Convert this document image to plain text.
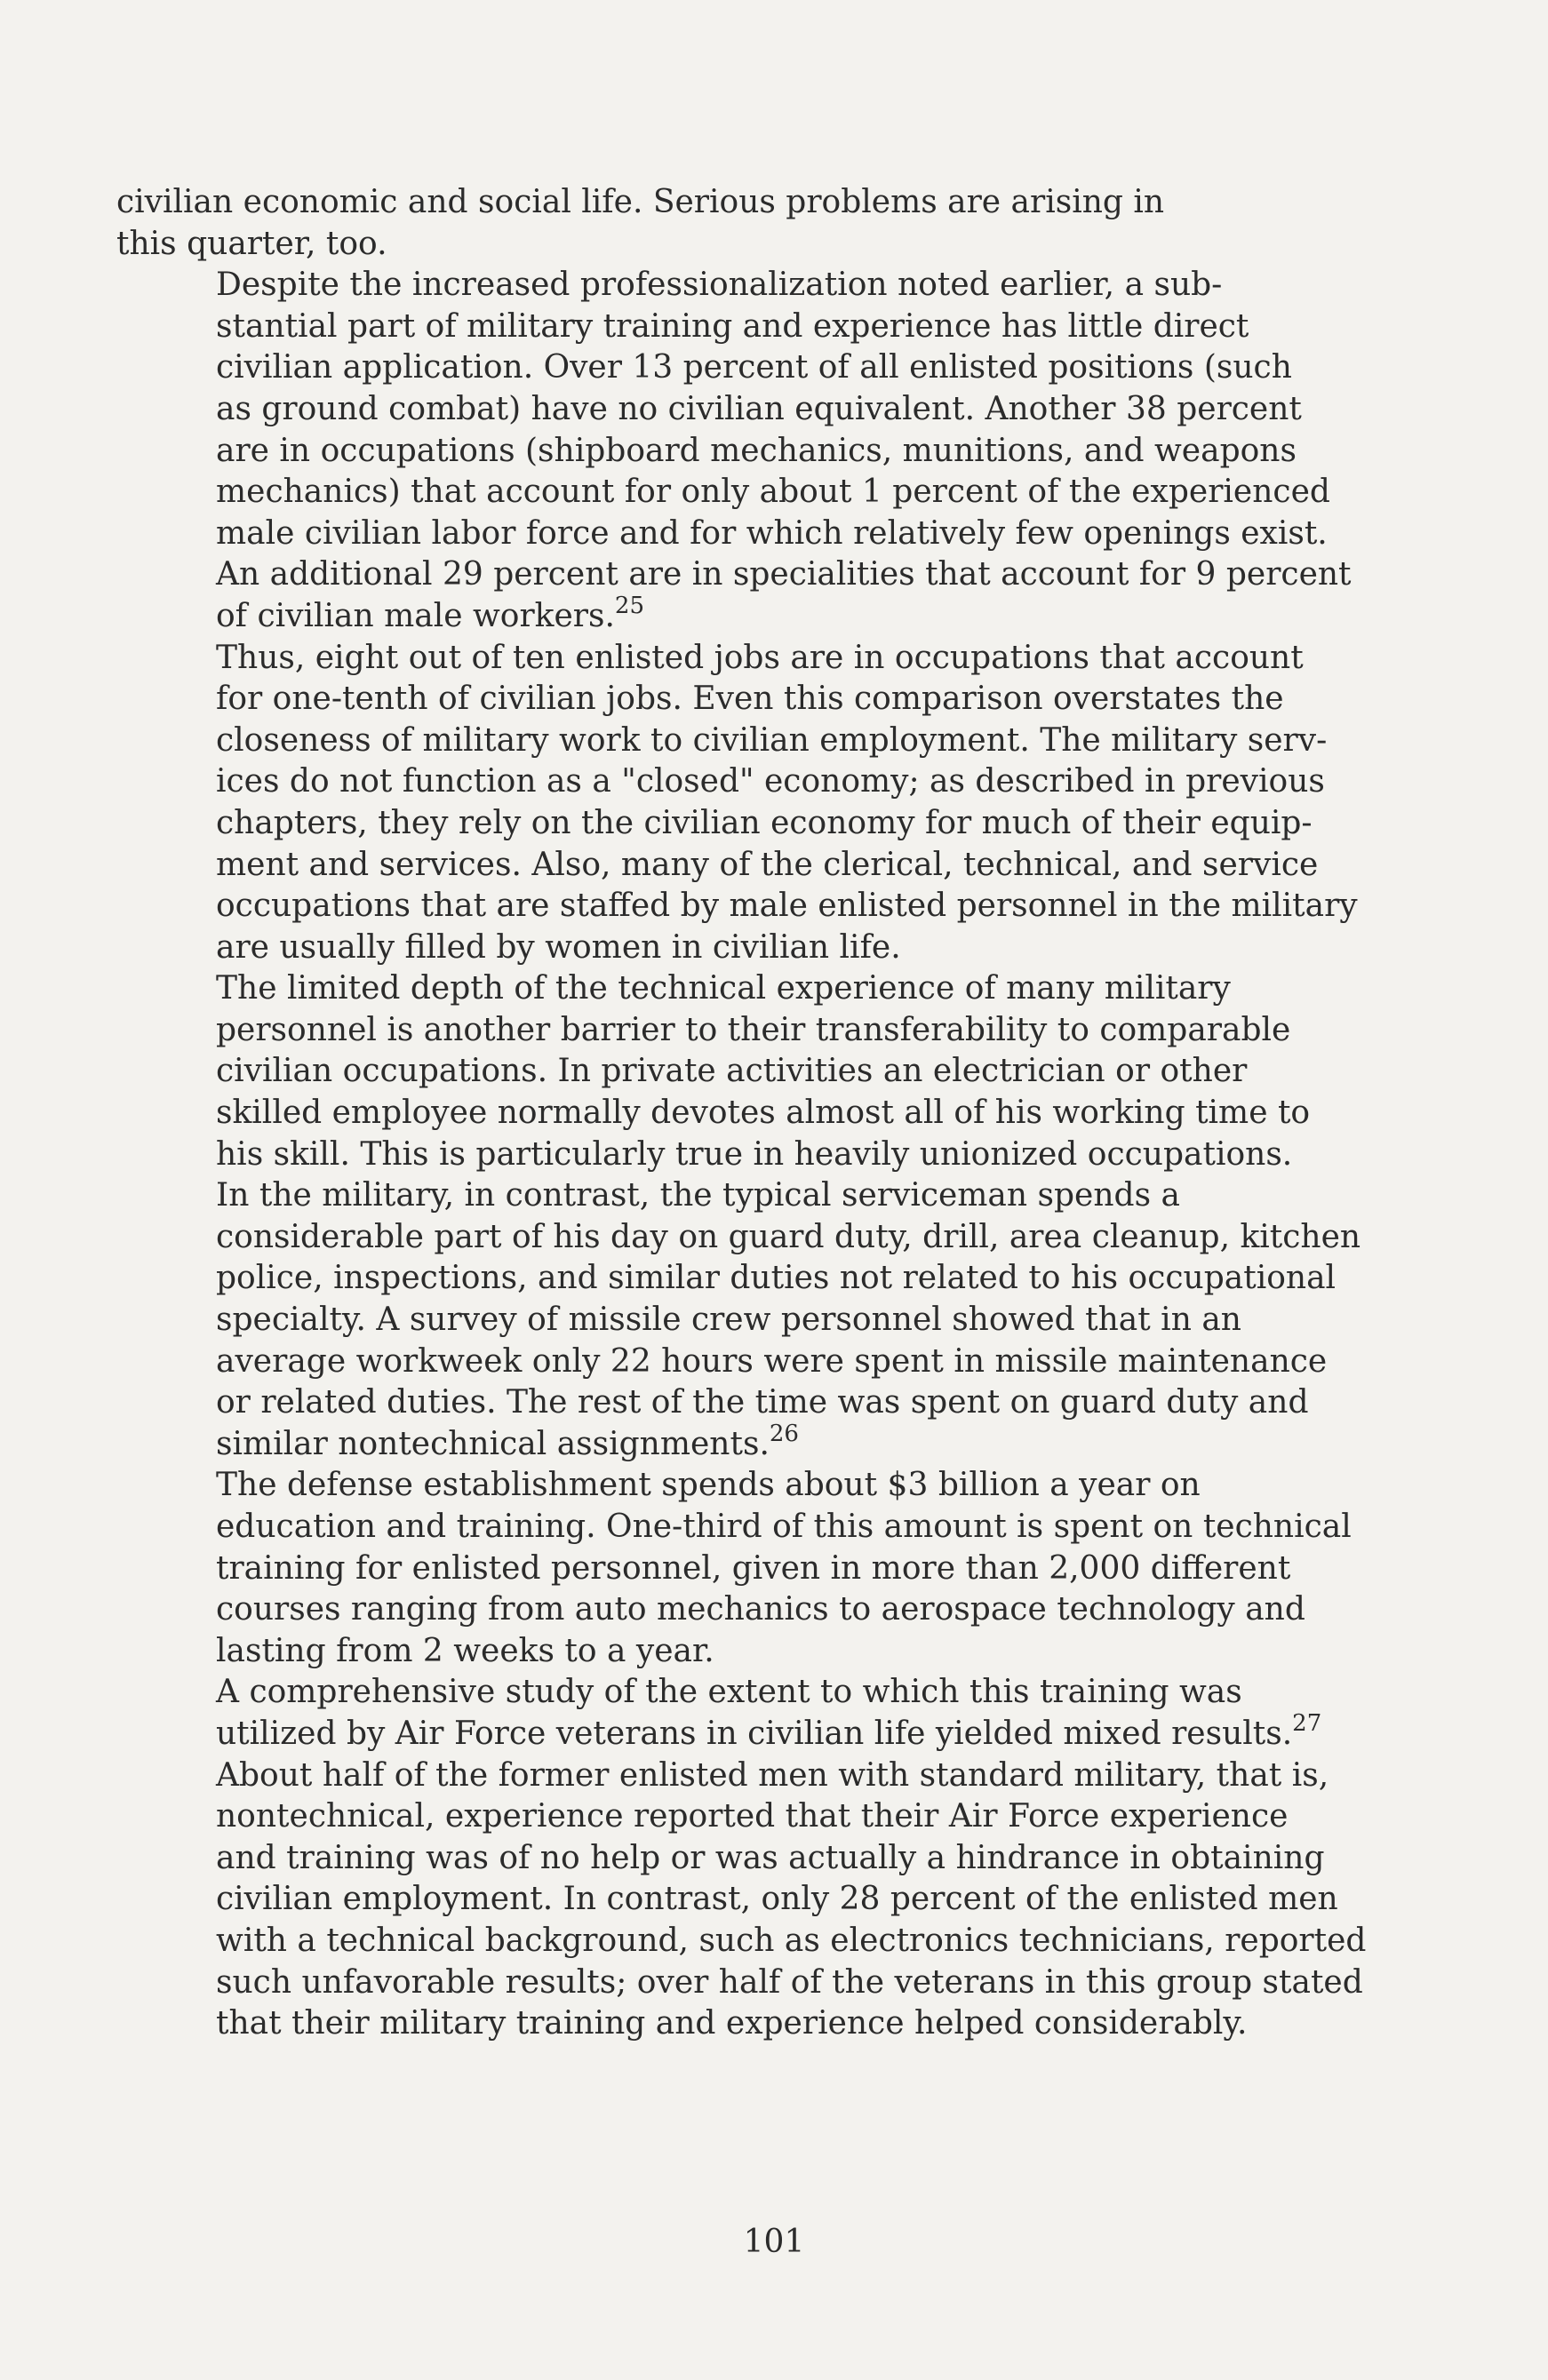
civilian economic and social life. Serious problems are arising in
this quarter, too.

Despite the increased professionalization noted earlier, a sub-
stantial part of military training and experience has little direct
civilian application. Over 13 percent of all enlisted positions (such
as ground combat) have no civilian equivalent. Another 38 percent
are in occupations (shipboard mechanics, munitions, and weapons
mechanics) that account for only about 1 percent of the experienced
male civilian labor force and for which relatively few openings exist.
An additional 29 percent are in specialities that account for 9 percent
of civilian male workers.$^{25}$

Thus, eight out of ten enlisted jobs are in occupations that account
for one-tenth of civilian jobs. Even this comparison overstates the
closeness of military work to civilian employment. The military serv-
ices do not function as a "closed" economy; as described in previous
chapters, they rely on the civilian economy for much of their equip-
ment and services. Also, many of the clerical, technical, and service
occupations that are staffed by male enlisted personnel in the military
are usually filled by women in civilian life.

The limited depth of the technical experience of many military
personnel is another barrier to their transferability to comparable
civilian occupations. In private activities an electrician or other
skilled employee normally devotes almost all of his working time to
his skill. This is particularly true in heavily unionized occupations.

In the military, in contrast, the typical serviceman spends a
considerable part of his day on guard duty, drill, area cleanup, kitchen
police, inspections, and similar duties not related to his occupational
specialty. A survey of missile crew personnel showed that in an
average workweek only 22 hours were spent in missile maintenance
or related duties. The rest of the time was spent on guard duty and
similar nontechnical assignments.$^{26}$

The defense establishment spends about $3 billion a year on
education and training. One-third of this amount is spent on technical
training for enlisted personnel, given in more than 2,000 different
courses ranging from auto mechanics to aerospace technology and
lasting from 2 weeks to a year.

A comprehensive study of the extent to which this training was
utilized by Air Force veterans in civilian life yielded mixed results.$^{27}$
About half of the former enlisted men with standard military, that is,
nontechnical, experience reported that their Air Force experience
and training was of no help or was actually a hindrance in obtaining
civilian employment. In contrast, only 28 percent of the enlisted men
with a technical background, such as electronics technicians, reported
such unfavorable results; over half of the veterans in this group stated
that their military training and experience helped considerably.

101
